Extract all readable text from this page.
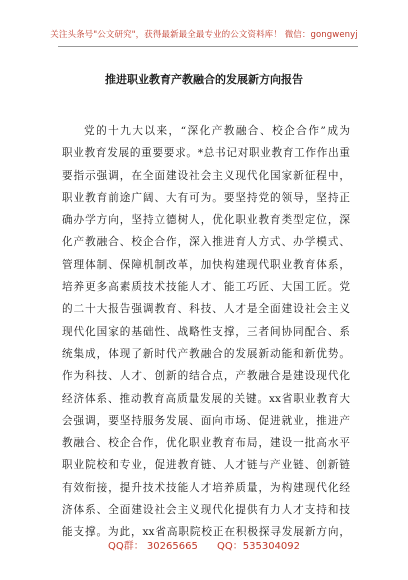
关注头条号"公文研究"，获得最新最全最专业的公文资料库！ 微信：gongwenyj
推进职业教育产教融合的发展新方向报告
党的十九大以来，“深化产教融合、校企合作”成为
职业教育发展的重要要求。*总书记对职业教育工作作出重
要指示强调，在全面建设社会主义现代化国家新征程中，
职业教育前途广阔、大有可为。要坚持党的领导，坚持正
确办学方向，坚持立德树人，优化职业教育类型定位，深
化产教融合、校企合作，深入推进育人方式、办学模式、
管理体制、保障机制改革，加快构建现代职业教育体系，
培养更多高素质技术技能人才、能工巧匠、大国工匠。党
的二十大报告强调教育、科技、人才是全面建设社会主义
现代化国家的基础性、战略性支撑，三者间协同配合、系
统集成，体现了新时代产教融合的发展新动能和新优势。
作为科技、人才、创新的结合点，产教融合是建设现代化
经济体系、推动教育高质量发展的关键。xx省职业教育大
会强调，要坚持服务发展、面向市场、促进就业，推进产
教融合、校企合作，优化职业教育布局，建设一批高水平
职业院校和专业，促进教育链、人才链与产业链、创新链
有效衔接，提升技术技能人才培养质量，为构建现代化经
济体系、全面建设社会主义现代化提供有力人才支持和技
能支撑。为此，xx省高职院校正在积极探寻发展新方向，
QQ群： 30265665 QQ：535304092
